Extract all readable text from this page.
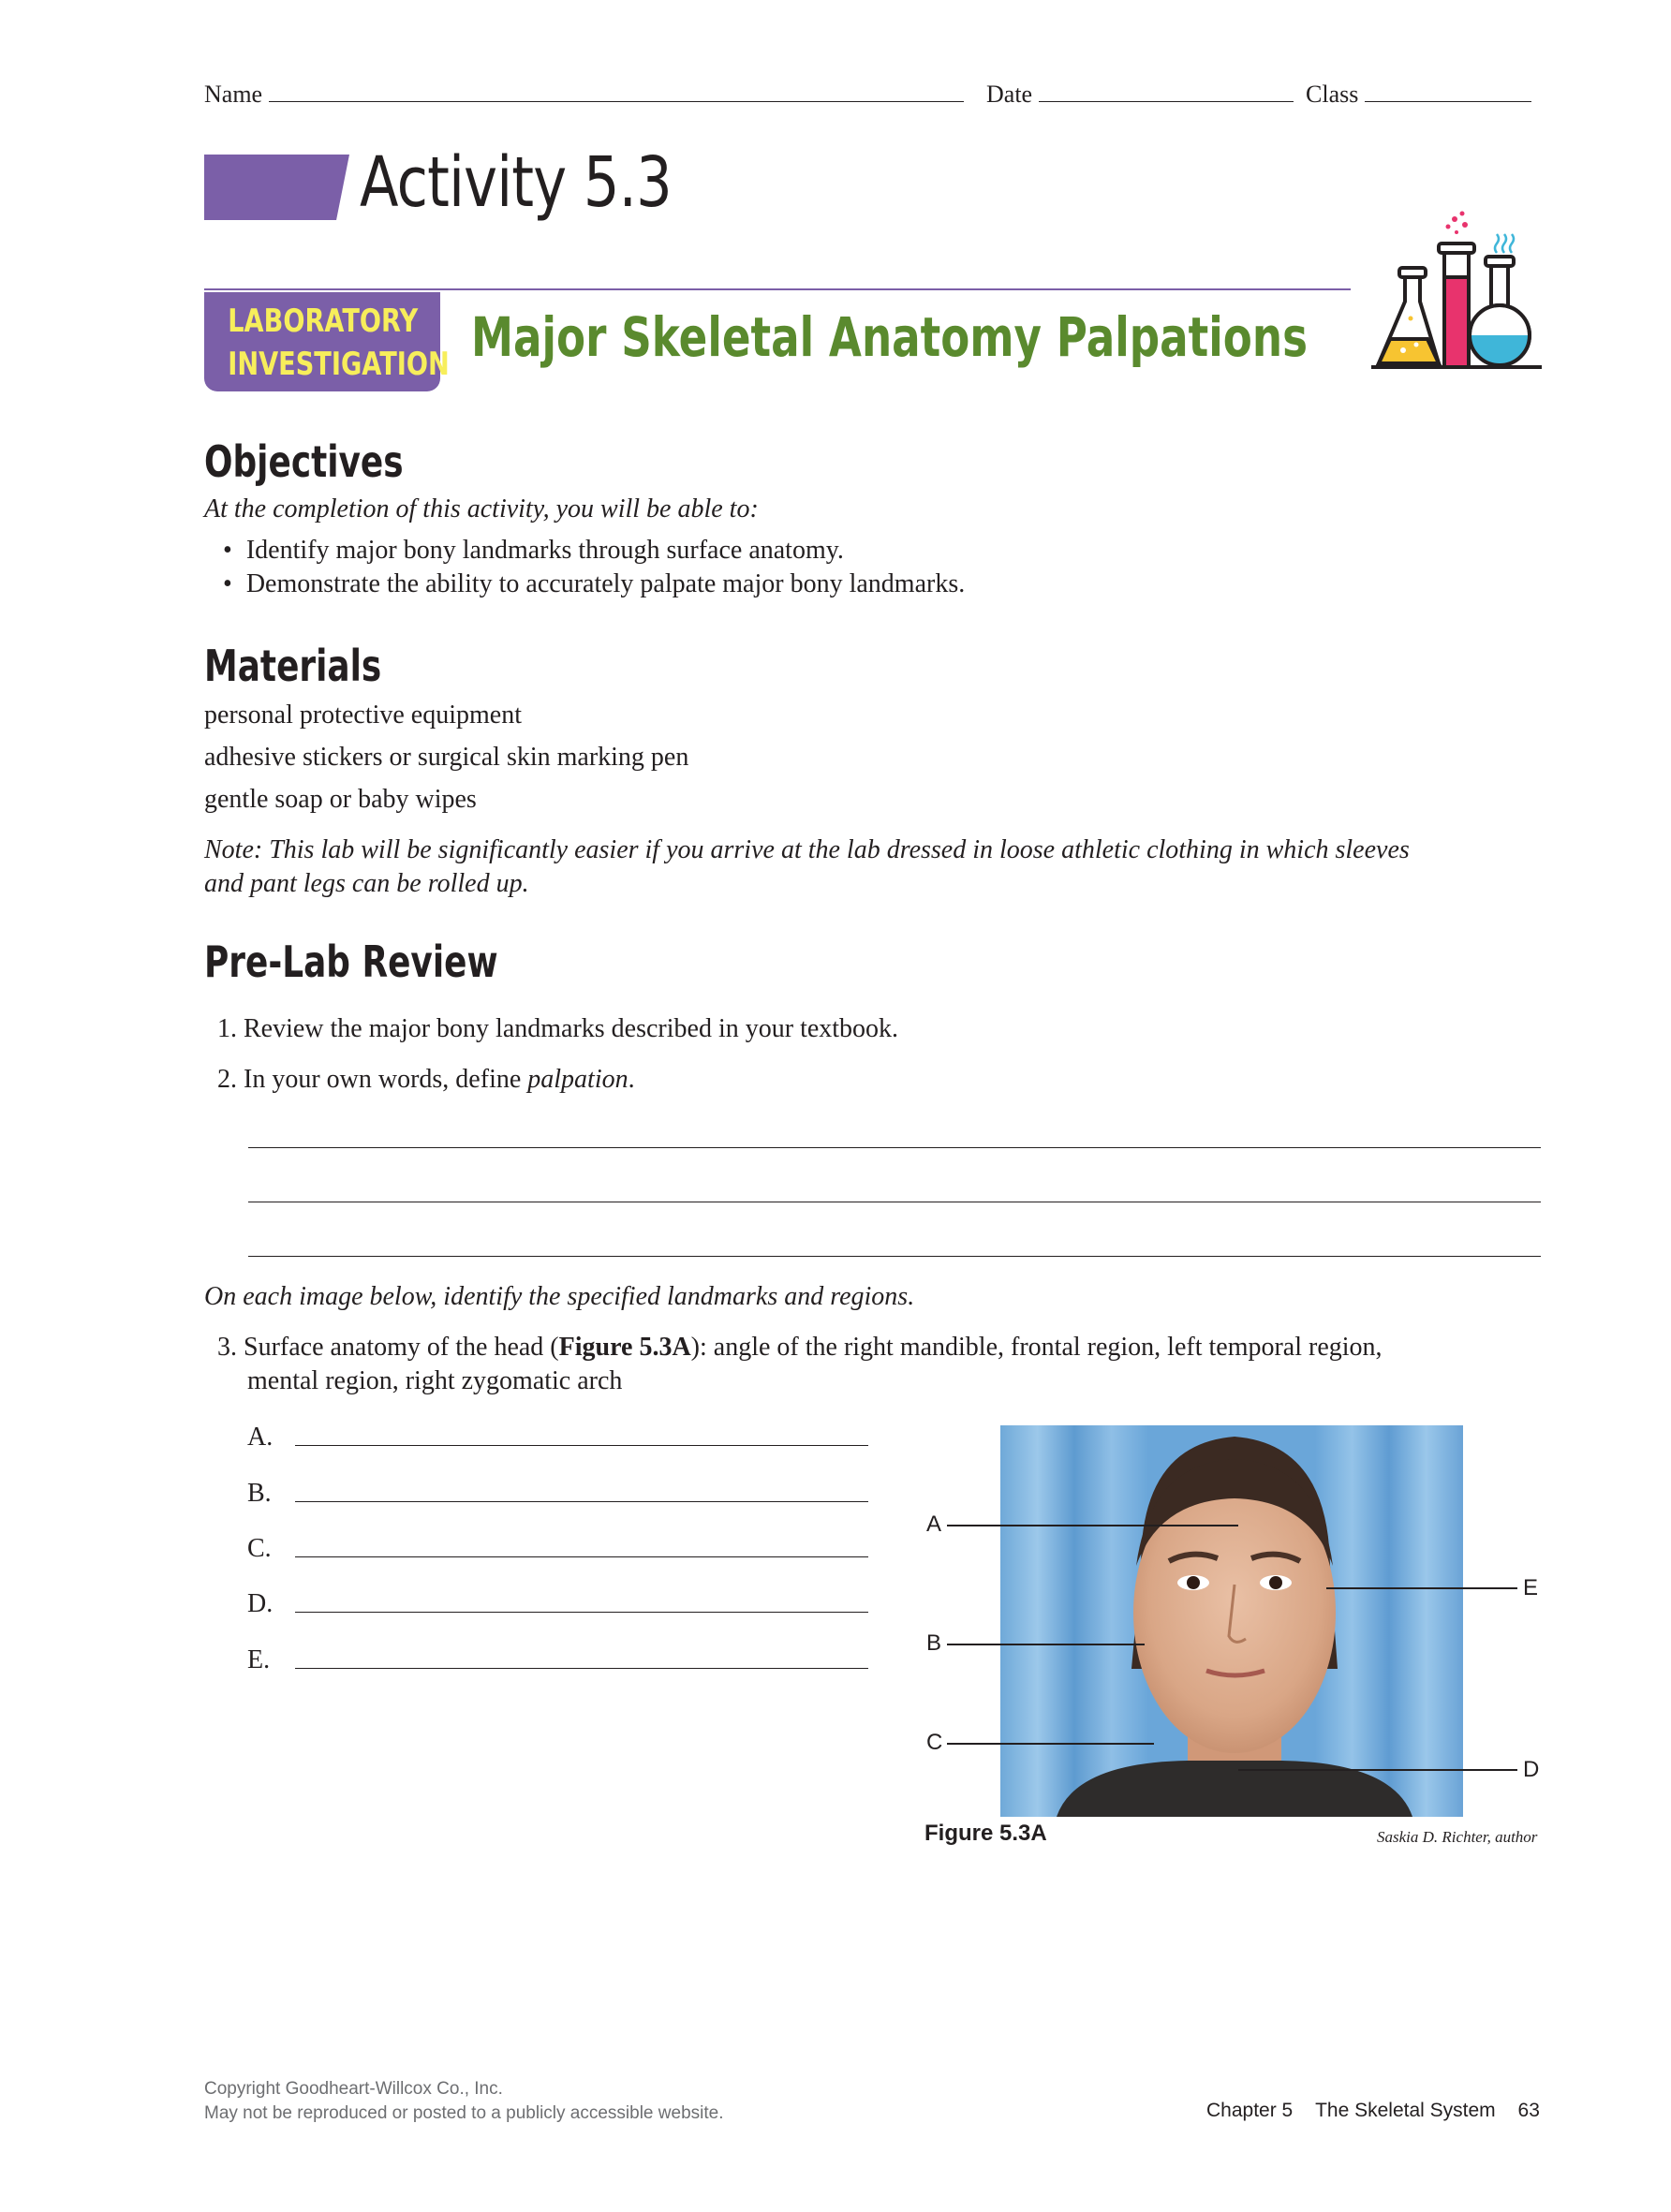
Name	Date	Class
Activity 5.3
LABORATORY
INVESTIGATION Major Skeletal Anatomy Palpations
Objectives
At the completion of this activity, you will be able to:
• Identify major bony landmarks through surface anatomy.
• Demonstrate the ability to accurately palpate major bony landmarks.
Materials
personal protective equipment
adhesive stickers or surgical skin marking pen
gentle soap or baby wipes
Note: This lab will be significantly easier if you arrive at the lab dressed in loose athletic clothing in which sleeves
and pant legs can be rolled up.
Pre-Lab Review
1. Review the major bony landmarks described in your textbook.
2. In your own words, define palpation.
On each image below, identify the specified landmarks and regions.
3. Surface anatomy of the head (Figure 5.3A): angle of the right mandible, frontal region, left temporal region,
mental region, right zygomatic arch
A.
B.
C.
D.
E.
A
B
C
D
E
Figure 5.3A	Saskia D. Richter, author
Copyright Goodheart-Willcox Co., Inc.
May not be reproduced or posted to a publicly accessible website.	Chapter 5 The Skeletal System 63
